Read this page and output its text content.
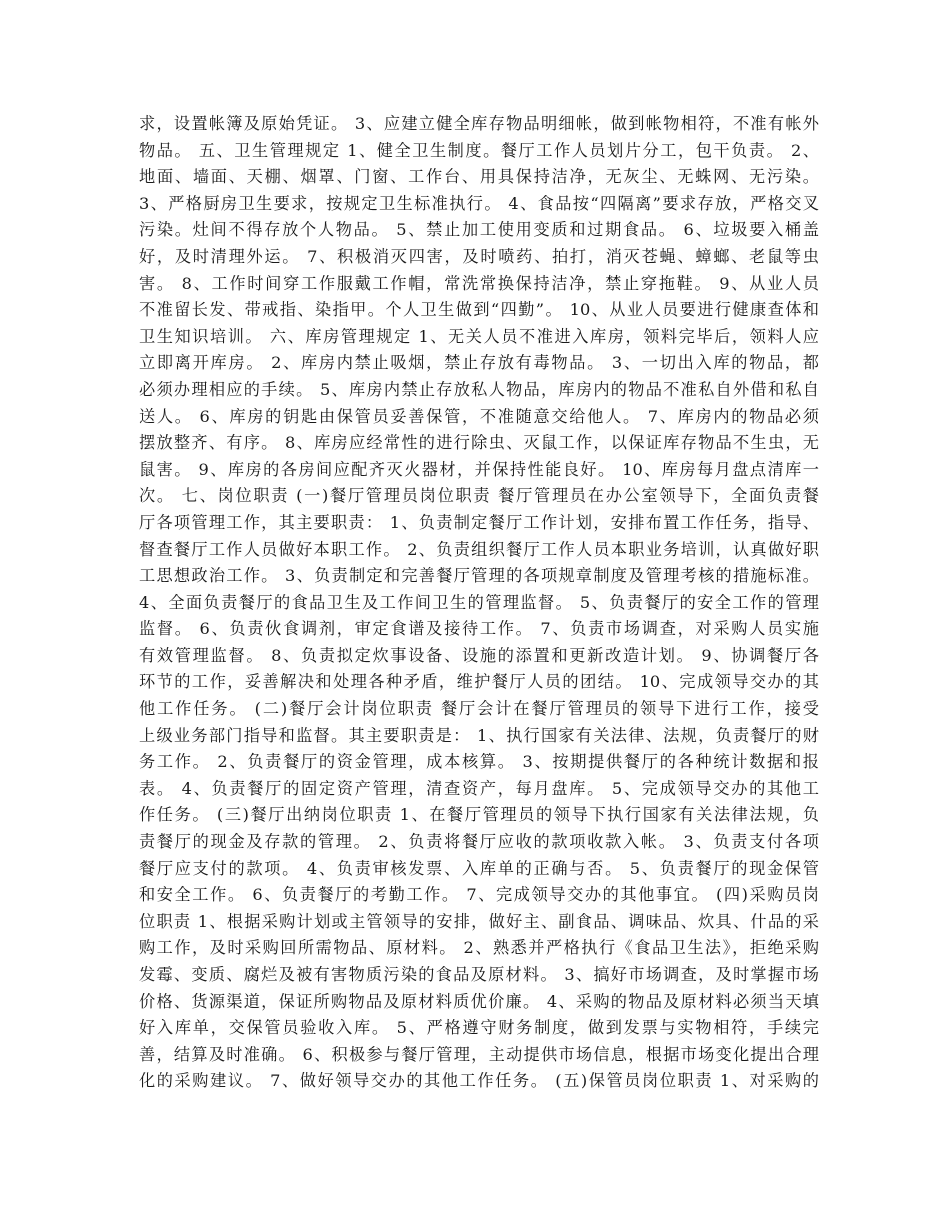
求，设置帐簿及原始凭证。 3、应建立健全库存物品明细帐，做到帐物相符，不准有帐外
物品。 五、卫生管理规定 1、健全卫生制度。餐厅工作人员划片分工，包干负责。 2、
地面、墙面、天棚、烟罩、门窗、工作台、用具保持洁净，无灰尘、无蛛网、无污染。
3、严格厨房卫生要求，按规定卫生标准执行。 4、食品按“四隔离”要求存放，严格交叉
污染。灶间不得存放个人物品。 5、禁止加工使用变质和过期食品。 6、垃圾要入桶盖
好，及时清理外运。 7、积极消灭四害，及时喷药、拍打，消灭苍蝇、蟑螂、老鼠等虫
害。 8、工作时间穿工作服戴工作帽，常洗常换保持洁净，禁止穿拖鞋。 9、从业人员
不准留长发、带戒指、染指甲。个人卫生做到“四勤”。 10、从业人员要进行健康查体和
卫生知识培训。 六、库房管理规定 1、无关人员不准进入库房，领料完毕后，领料人应
立即离开库房。 2、库房内禁止吸烟，禁止存放有毒物品。 3、一切出入库的物品，都
必须办理相应的手续。 5、库房内禁止存放私人物品，库房内的物品不准私自外借和私自
送人。 6、库房的钥匙由保管员妥善保管，不准随意交给他人。 7、库房内的物品必须
摆放整齐、有序。 8、库房应经常性的进行除虫、灭鼠工作，以保证库存物品不生虫，无
鼠害。 9、库房的各房间应配齐灭火器材，并保持性能良好。 10、库房每月盘点清库一
次。 七、岗位职责 (一)餐厅管理员岗位职责 餐厅管理员在办公室领导下，全面负责餐
厅各项管理工作，其主要职责： 1、负责制定餐厅工作计划，安排布置工作任务，指导、
督查餐厅工作人员做好本职工作。 2、负责组织餐厅工作人员本职业务培训，认真做好职
工思想政治工作。 3、负责制定和完善餐厅管理的各项规章制度及管理考核的措施标准。
4、全面负责餐厅的食品卫生及工作间卫生的管理监督。 5、负责餐厅的安全工作的管理
监督。 6、负责伙食调剂，审定食谱及接待工作。 7、负责市场调查，对采购人员实施
有效管理监督。 8、负责拟定炊事设备、设施的添置和更新改造计划。 9、协调餐厅各
环节的工作，妥善解决和处理各种矛盾，维护餐厅人员的团结。 10、完成领导交办的其
他工作任务。 (二)餐厅会计岗位职责 餐厅会计在餐厅管理员的领导下进行工作，接受
上级业务部门指导和监督。其主要职责是： 1、执行国家有关法律、法规，负责餐厅的财
务工作。 2、负责餐厅的资金管理，成本核算。 3、按期提供餐厅的各种统计数据和报
表。 4、负责餐厅的固定资产管理，清查资产，每月盘库。 5、完成领导交办的其他工
作任务。 (三)餐厅出纳岗位职责 1、在餐厅管理员的领导下执行国家有关法律法规，负
责餐厅的现金及存款的管理。 2、负责将餐厅应收的款项收款入帐。 3、负责支付各项
餐厅应支付的款项。 4、负责审核发票、入库单的正确与否。 5、负责餐厅的现金保管
和安全工作。 6、负责餐厅的考勤工作。 7、完成领导交办的其他事宜。 (四)采购员岗
位职责 1、根据采购计划或主管领导的安排，做好主、副食品、调味品、炊具、什品的采
购工作，及时采购回所需物品、原材料。 2、熟悉并严格执行《食品卫生法》，拒绝采购
发霉、变质、腐烂及被有害物质污染的食品及原材料。 3、搞好市场调查，及时掌握市场
价格、货源渠道，保证所购物品及原材料质优价廉。 4、采购的物品及原材料必须当天填
好入库单，交保管员验收入库。 5、严格遵守财务制度，做到发票与实物相符，手续完
善，结算及时准确。 6、积极参与餐厅管理，主动提供市场信息，根据市场变化提出合理
化的采购建议。 7、做好领导交办的其他工作任务。 (五)保管员岗位职责 1、对采购的
